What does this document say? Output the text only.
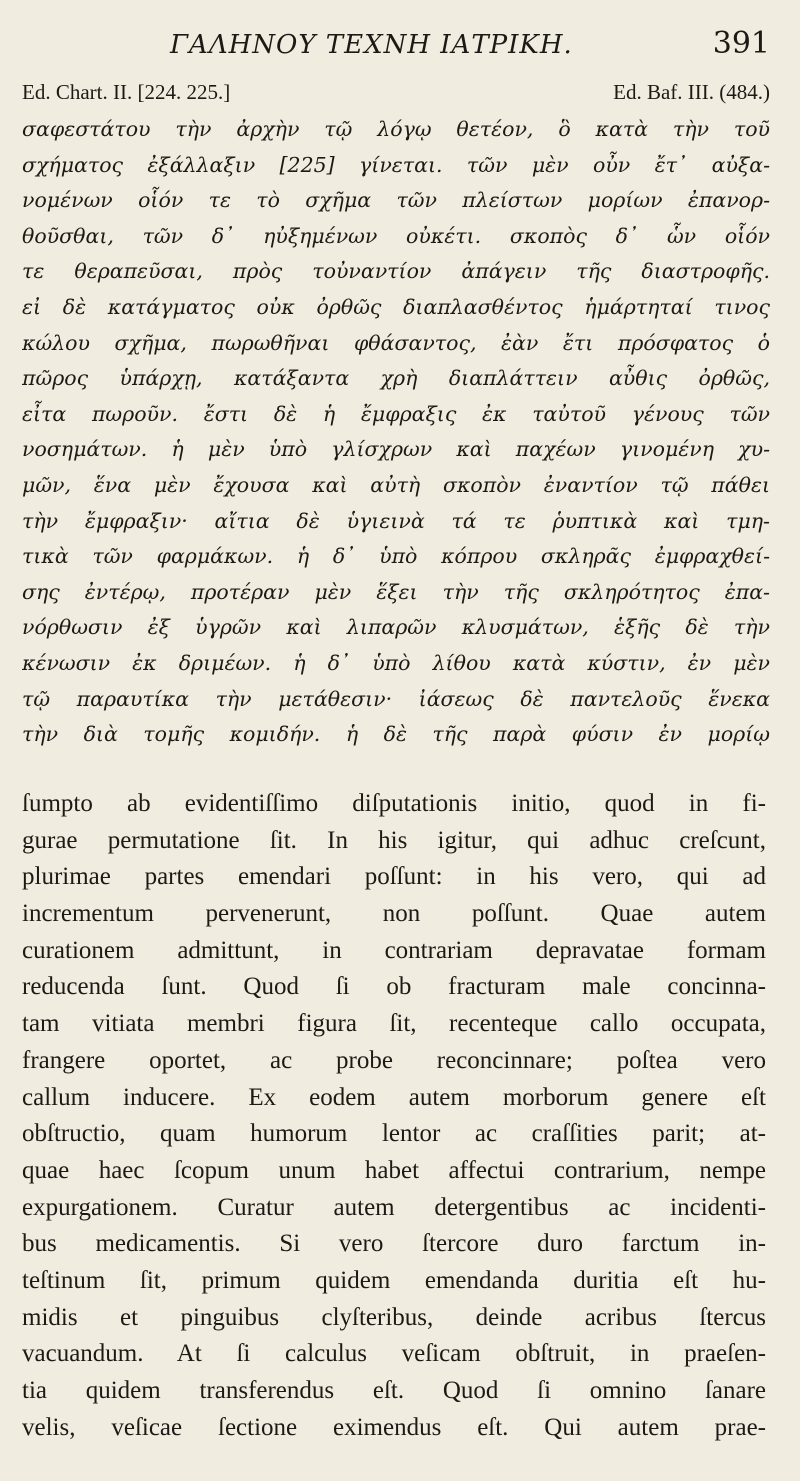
ΓΑΛΗΝΟΥ ΤΕΧΝΗ ΙΑΤΡΙΚΗ.	391
Ed. Chart. II. [224. 225.]	Ed. Baf. III. (484.)
σαφεστάτου τὴν ἀρχὴν τῷ λόγῳ θετέον, ὃ κατὰ τὴν τοῦ
σχήματος ἐξάλλαξιν [225] γίνεται. τῶν μὲν οὖν ἔτ᾽ αὐξα-
νομένων οἷόν τε τὸ σχῆμα τῶν πλείστων μορίων ἐπανορ-
θοῦσθαι, τῶν δ᾽ ηὐξημένων οὐκέτι. σκοπὸς δ᾽ ὧν οἷόν
τε θεραπεῦσαι, πρὸς τοὐναντίον ἀπάγειν τῆς διαστροφῆς.
εἰ δὲ κατάγματος οὐκ ὀρθῶς διαπλασθέντος ἡμάρτηταί τινος
κώλου σχῆμα, πωρωθῆναι φθάσαντος, ἐὰν ἔτι πρόσφατος ὁ
πῶρος ὑπάρχῃ, κατάξαντα χρὴ διαπλάττειν αὖθις ὀρθῶς,
εἶτα πωροῦν. ἔστι δὲ ἡ ἔμφραξις ἐκ ταὐτοῦ γένους τῶν
νοσημάτων. ἡ μὲν ὑπὸ γλίσχρων καὶ παχέων γινομένη χυ-
μῶν, ἕνα μὲν ἔχουσα καὶ αὐτὴ σκοπὸν ἐναντίον τῷ πάθει
τὴν ἔμφραξιν· αἴτια δὲ ὑγιεινὰ τά τε ῥυπτικὰ καὶ τμη-
τικὰ τῶν φαρμάκων. ἡ δ᾽ ὑπὸ κόπρου σκληρᾶς ἐμφραχθεί-
σης ἐντέρῳ, προτέραν μὲν ἕξει τὴν τῆς σκληρότητος ἐπα-
νόρθωσιν ἐξ ὑγρῶν καὶ λιπαρῶν κλυσμάτων, ἑξῆς δὲ τὴν
κένωσιν ἐκ δριμέων. ἡ δ᾽ ὑπὸ λίθου κατὰ κύστιν, ἐν μὲν
τῷ παραυτίκα τὴν μετάθεσιν· ἰάσεως δὲ παντελοῦς ἕνεκα
τὴν διὰ τομῆς κομιδήν. ἡ δὲ τῆς παρὰ φύσιν ἐν μορίῳ
ſumpto ab evidentiſſimo diſputationis initio, quod in fi-
gurae permutatione ſit. In his igitur, qui adhuc creſcunt,
plurimae partes emendari poſſunt: in his vero, qui ad
incrementum pervenerunt, non poſſunt. Quae autem
curationem admittunt, in contrariam depravatae formam
reducenda ſunt. Quod ſi ob fracturam male concinna-
tam vitiata membri figura ſit, recenteque callo occupata,
frangere oportet, ac probe reconcinnare; poſtea vero
callum inducere. Ex eodem autem morborum genere eſt
obſtructio, quam humorum lentor ac craſſities parit; at-
quae haec ſcopum unum habet affectui contrarium, nempe
expurgationem. Curatur autem detergentibus ac incidenti-
bus medicamentis. Si vero ſtercore duro farctum in-
teſtinum ſit, primum quidem emendanda duritia eſt hu-
midis et pinguibus clyſteribus, deinde acribus ſtercus
vacuandum. At ſi calculus veſicam obſtruit, in praeſen-
tia quidem transferendus eſt. Quod ſi omnino ſanare
velis, veſicae ſectione eximendus eſt. Qui autem prae-
